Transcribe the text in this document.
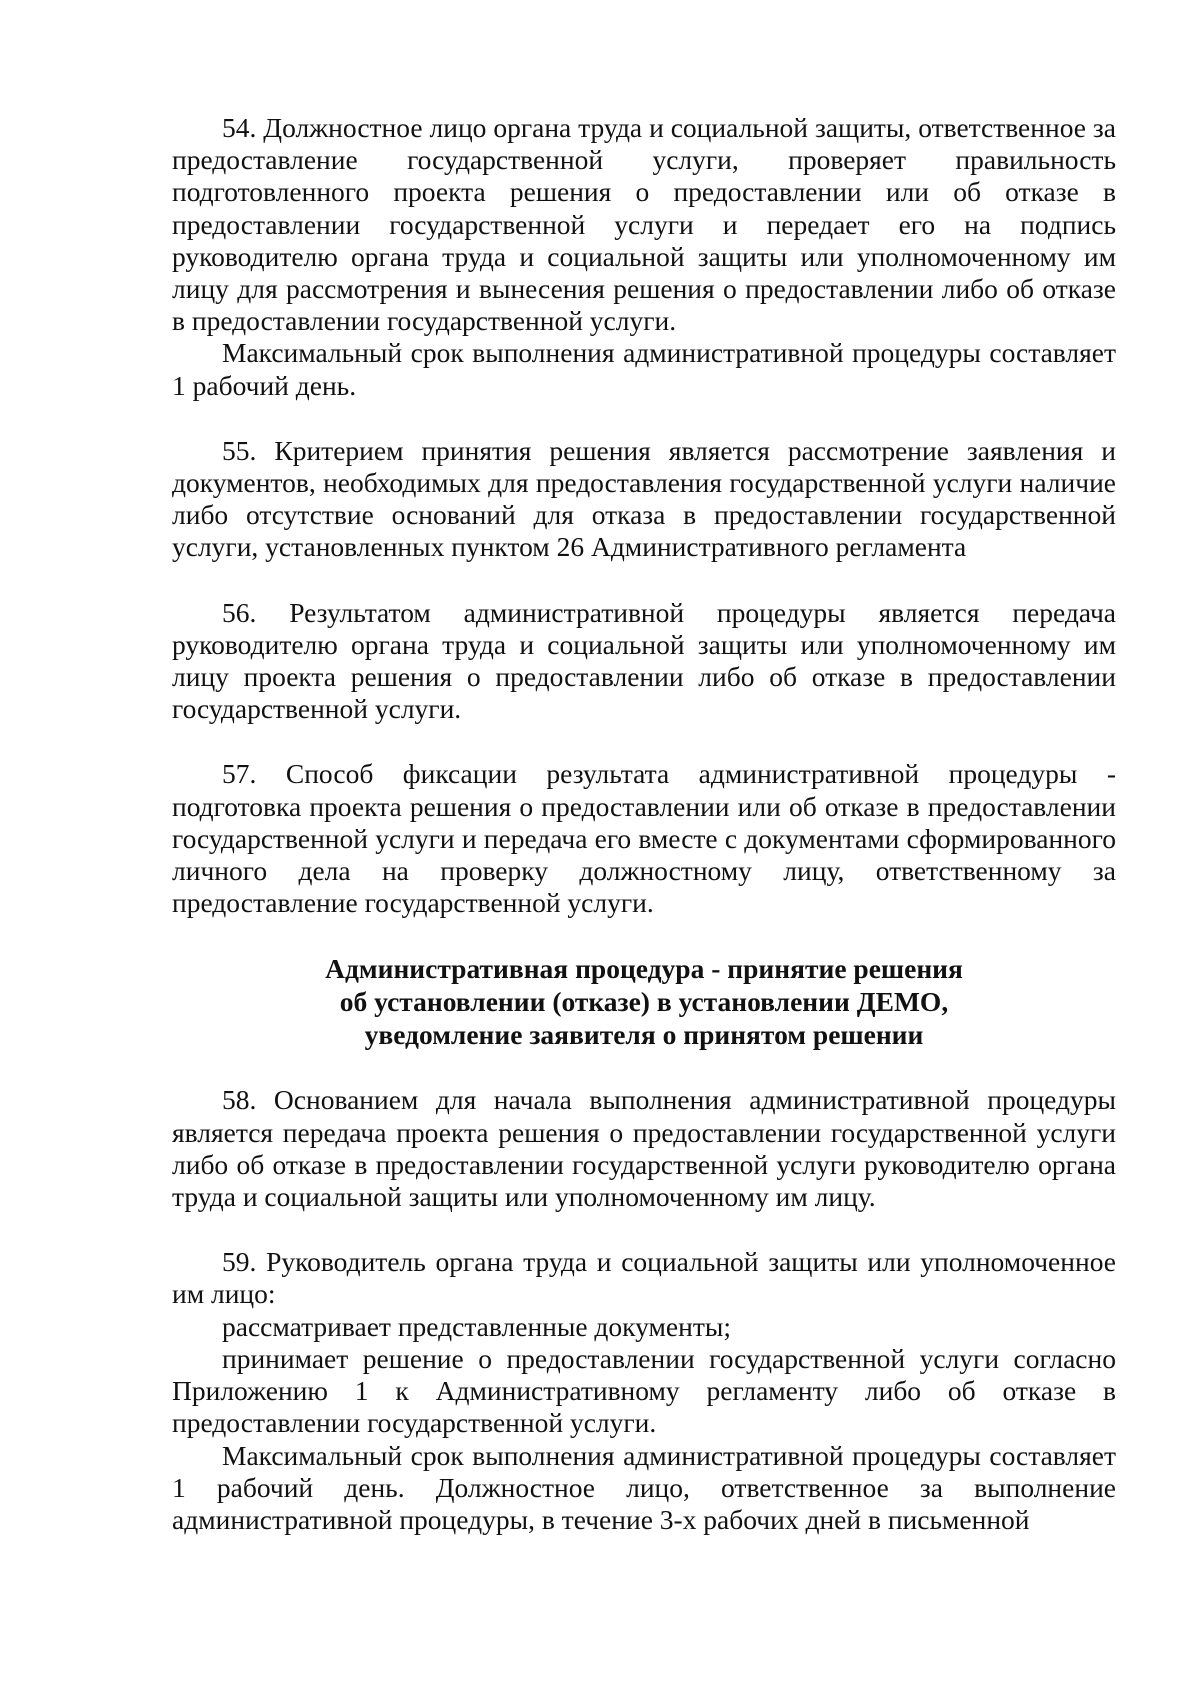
54. Должностное лицо органа труда и социальной защиты, ответственное за предоставление государственной услуги, проверяет правильность подготовленного проекта решения о предоставлении или об отказе в предоставлении государственной услуги и передает его на подпись руководителю органа труда и социальной защиты или уполномоченному им лицу для рассмотрения и вынесения решения о предоставлении либо об отказе в предоставлении государственной услуги.

Максимальный срок выполнения административной процедуры составляет 1 рабочий день.

55. Критерием принятия решения является рассмотрение заявления и документов, необходимых для предоставления государственной услуги наличие либо отсутствие оснований для отказа в предоставлении государственной услуги, установленных пунктом 26 Административного регламента

56. Результатом административной процедуры является передача руководителю органа труда и социальной защиты или уполномоченному им лицу проекта решения о предоставлении либо об отказе в предоставлении государственной услуги.

57. Способ фиксации результата административной процедуры - подготовка проекта решения о предоставлении или об отказе в предоставлении государственной услуги и передача его вместе с документами сформированного личного дела на проверку должностному лицу, ответственному за предоставление государственной услуги.

Административная процедура - принятие решения
об установлении (отказе) в установлении ДЕМО,
уведомление заявителя о принятом решении

58. Основанием для начала выполнения административной процедуры является передача проекта решения о предоставлении государственной услуги либо об отказе в предоставлении государственной услуги руководителю органа труда и социальной защиты или уполномоченному им лицу.

59. Руководитель органа труда и социальной защиты или уполномоченное им лицо:

рассматривает представленные документы;

принимает решение о предоставлении государственной услуги согласно Приложению 1 к Административному регламенту либо об отказе в предоставлении государственной услуги.

Максимальный срок выполнения административной процедуры составляет 1 рабочий день. Должностное лицо, ответственное за выполнение административной процедуры, в течение 3-х рабочих дней в письменной
